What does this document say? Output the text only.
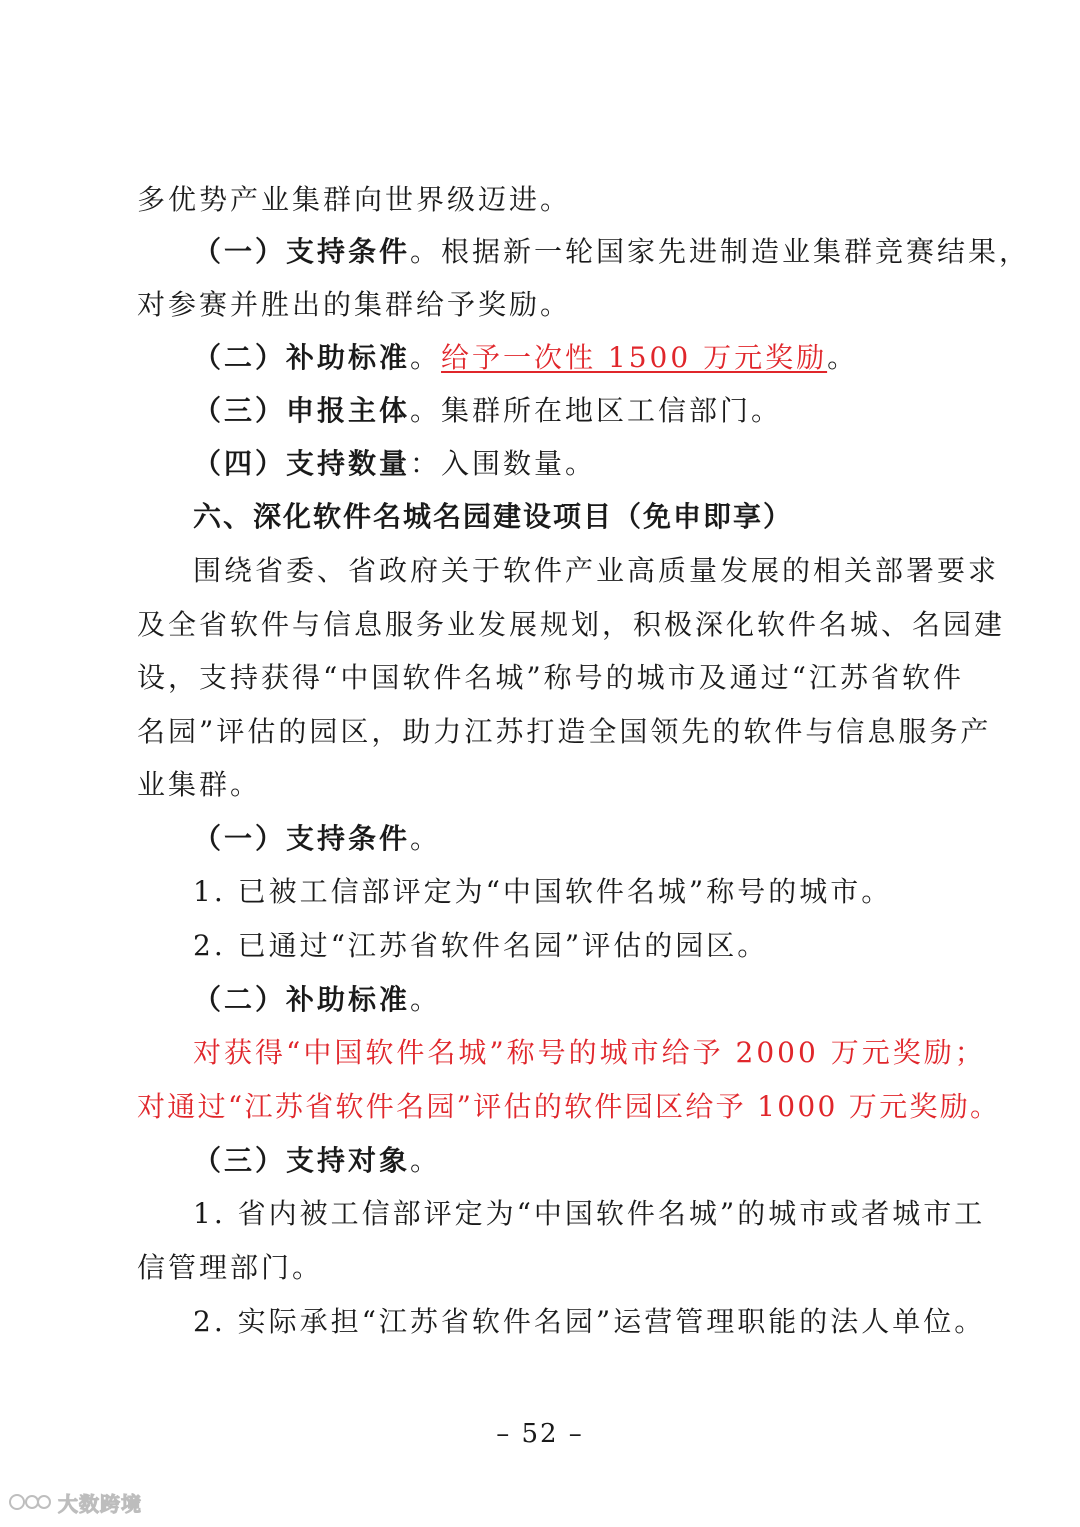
多优势产业集群向世界级迈进。
（一）支持条件。根据新一轮国家先进制造业集群竞赛结果，
对参赛并胜出的集群给予奖励。
（二）补助标准。给予一次性 1500 万元奖励。
（三）申报主体。集群所在地区工信部门。
（四）支持数量：入围数量。
六、深化软件名城名园建设项目（免申即享）
围绕省委、省政府关于软件产业高质量发展的相关部署要求
及全省软件与信息服务业发展规划，积极深化软件名城、名园建
设，支持获得“中国软件名城”称号的城市及通过“江苏省软件
名园”评估的园区，助力江苏打造全国领先的软件与信息服务产
业集群。
（一）支持条件。
1. 已被工信部评定为“中国软件名城”称号的城市。
2. 已通过“江苏省软件名园”评估的园区。
（二）补助标准。
对获得“中国软件名城”称号的城市给予 2000 万元奖励；
对通过“江苏省软件名园”评估的软件园区给予 1000 万元奖励。
（三）支持对象。
1. 省内被工信部评定为“中国软件名城”的城市或者城市工
信管理部门。
2. 实际承担“江苏省软件名园”运营管理职能的法人单位。
– 52 –
大数跨境
